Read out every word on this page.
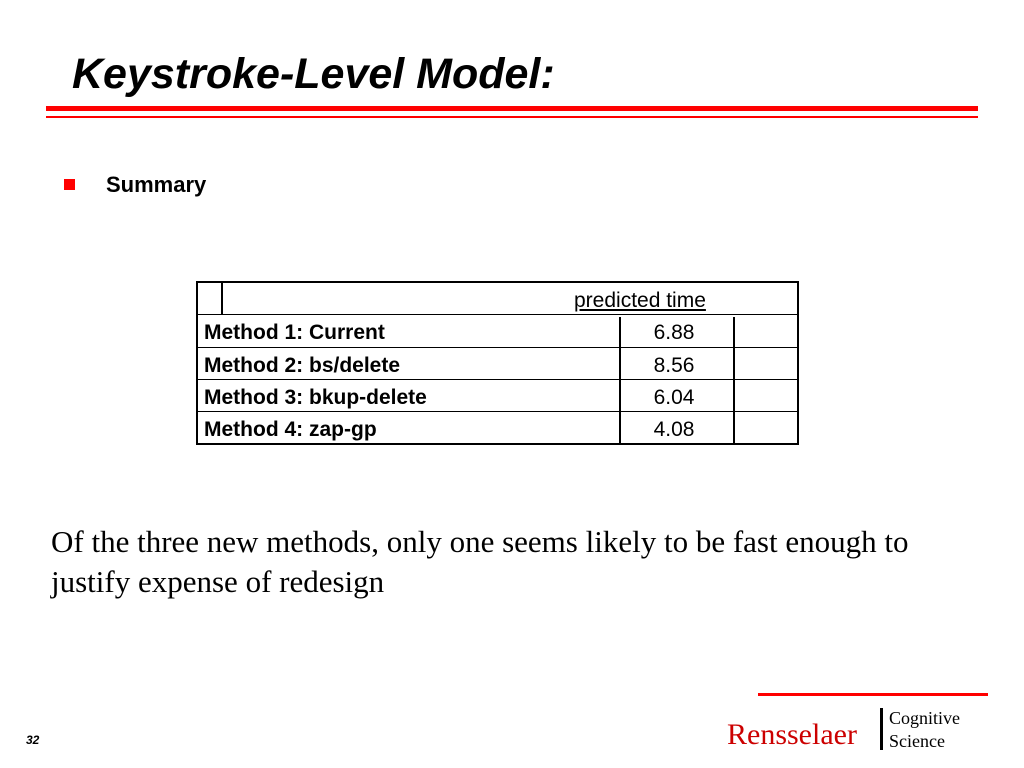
Keystroke-Level Model:
Summary
predicted time
Method 1: Current	6.88
Method 2: bs/delete	8.56
Method 3: bkup-delete	6.04
Method 4: zap-gp	4.08
Of the three new methods, only one seems likely to be fast enough to justify expense of redesign
32	Rensselaer Cognitive
Science
